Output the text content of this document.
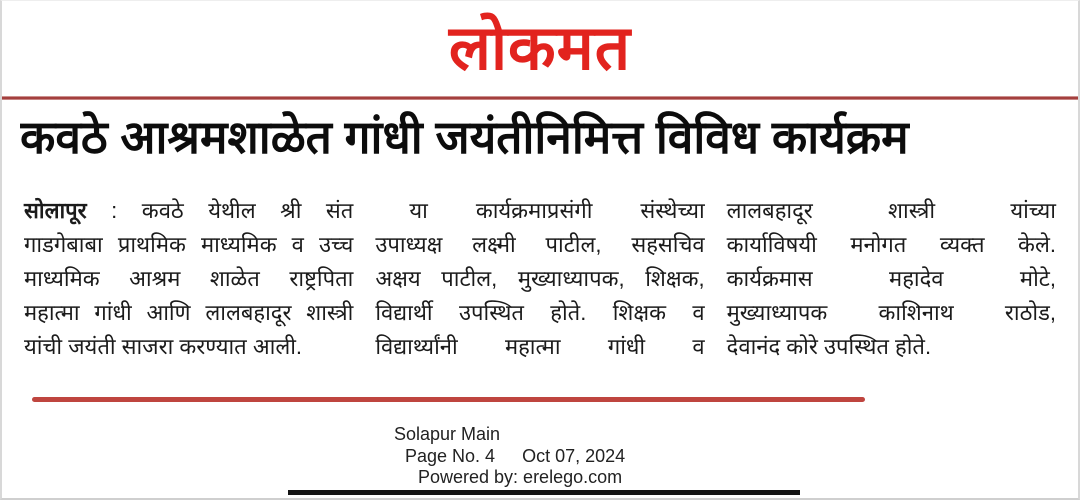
लोकमत
कवठे आश्रमशाळेत गांधी जयंतीनिमित्त विविध कार्यक्रम
सोलापूर : कवठे येथील श्री संत
गाडगेबाबा प्राथमिक माध्यमिक व उच्च
माध्यमिक आश्रम शाळेत राष्ट्रपिता
महात्मा गांधी आणि लालबहादूर शास्त्री
यांची जयंती साजरा करण्यात आली.
या कार्यक्रमाप्रसंगी संस्थेच्या
उपाध्यक्ष लक्ष्मी पाटील, सहसचिव
अक्षय पाटील, मुख्याध्यापक, शिक्षक,
विद्यार्थी उपस्थित होते. शिक्षक व
विद्यार्थ्यांनी महात्मा गांधी व
लालबहादूर शास्त्री यांच्या
कार्याविषयी मनोगत व्यक्त केले.
कार्यक्रमास महादेव मोटे,
मुख्याध्यापक काशिनाथ राठोड,
देवानंद कोरे उपस्थित होते.
Solapur Main
Page No. 4 Oct 07, 2024
Powered by: erelego.com
